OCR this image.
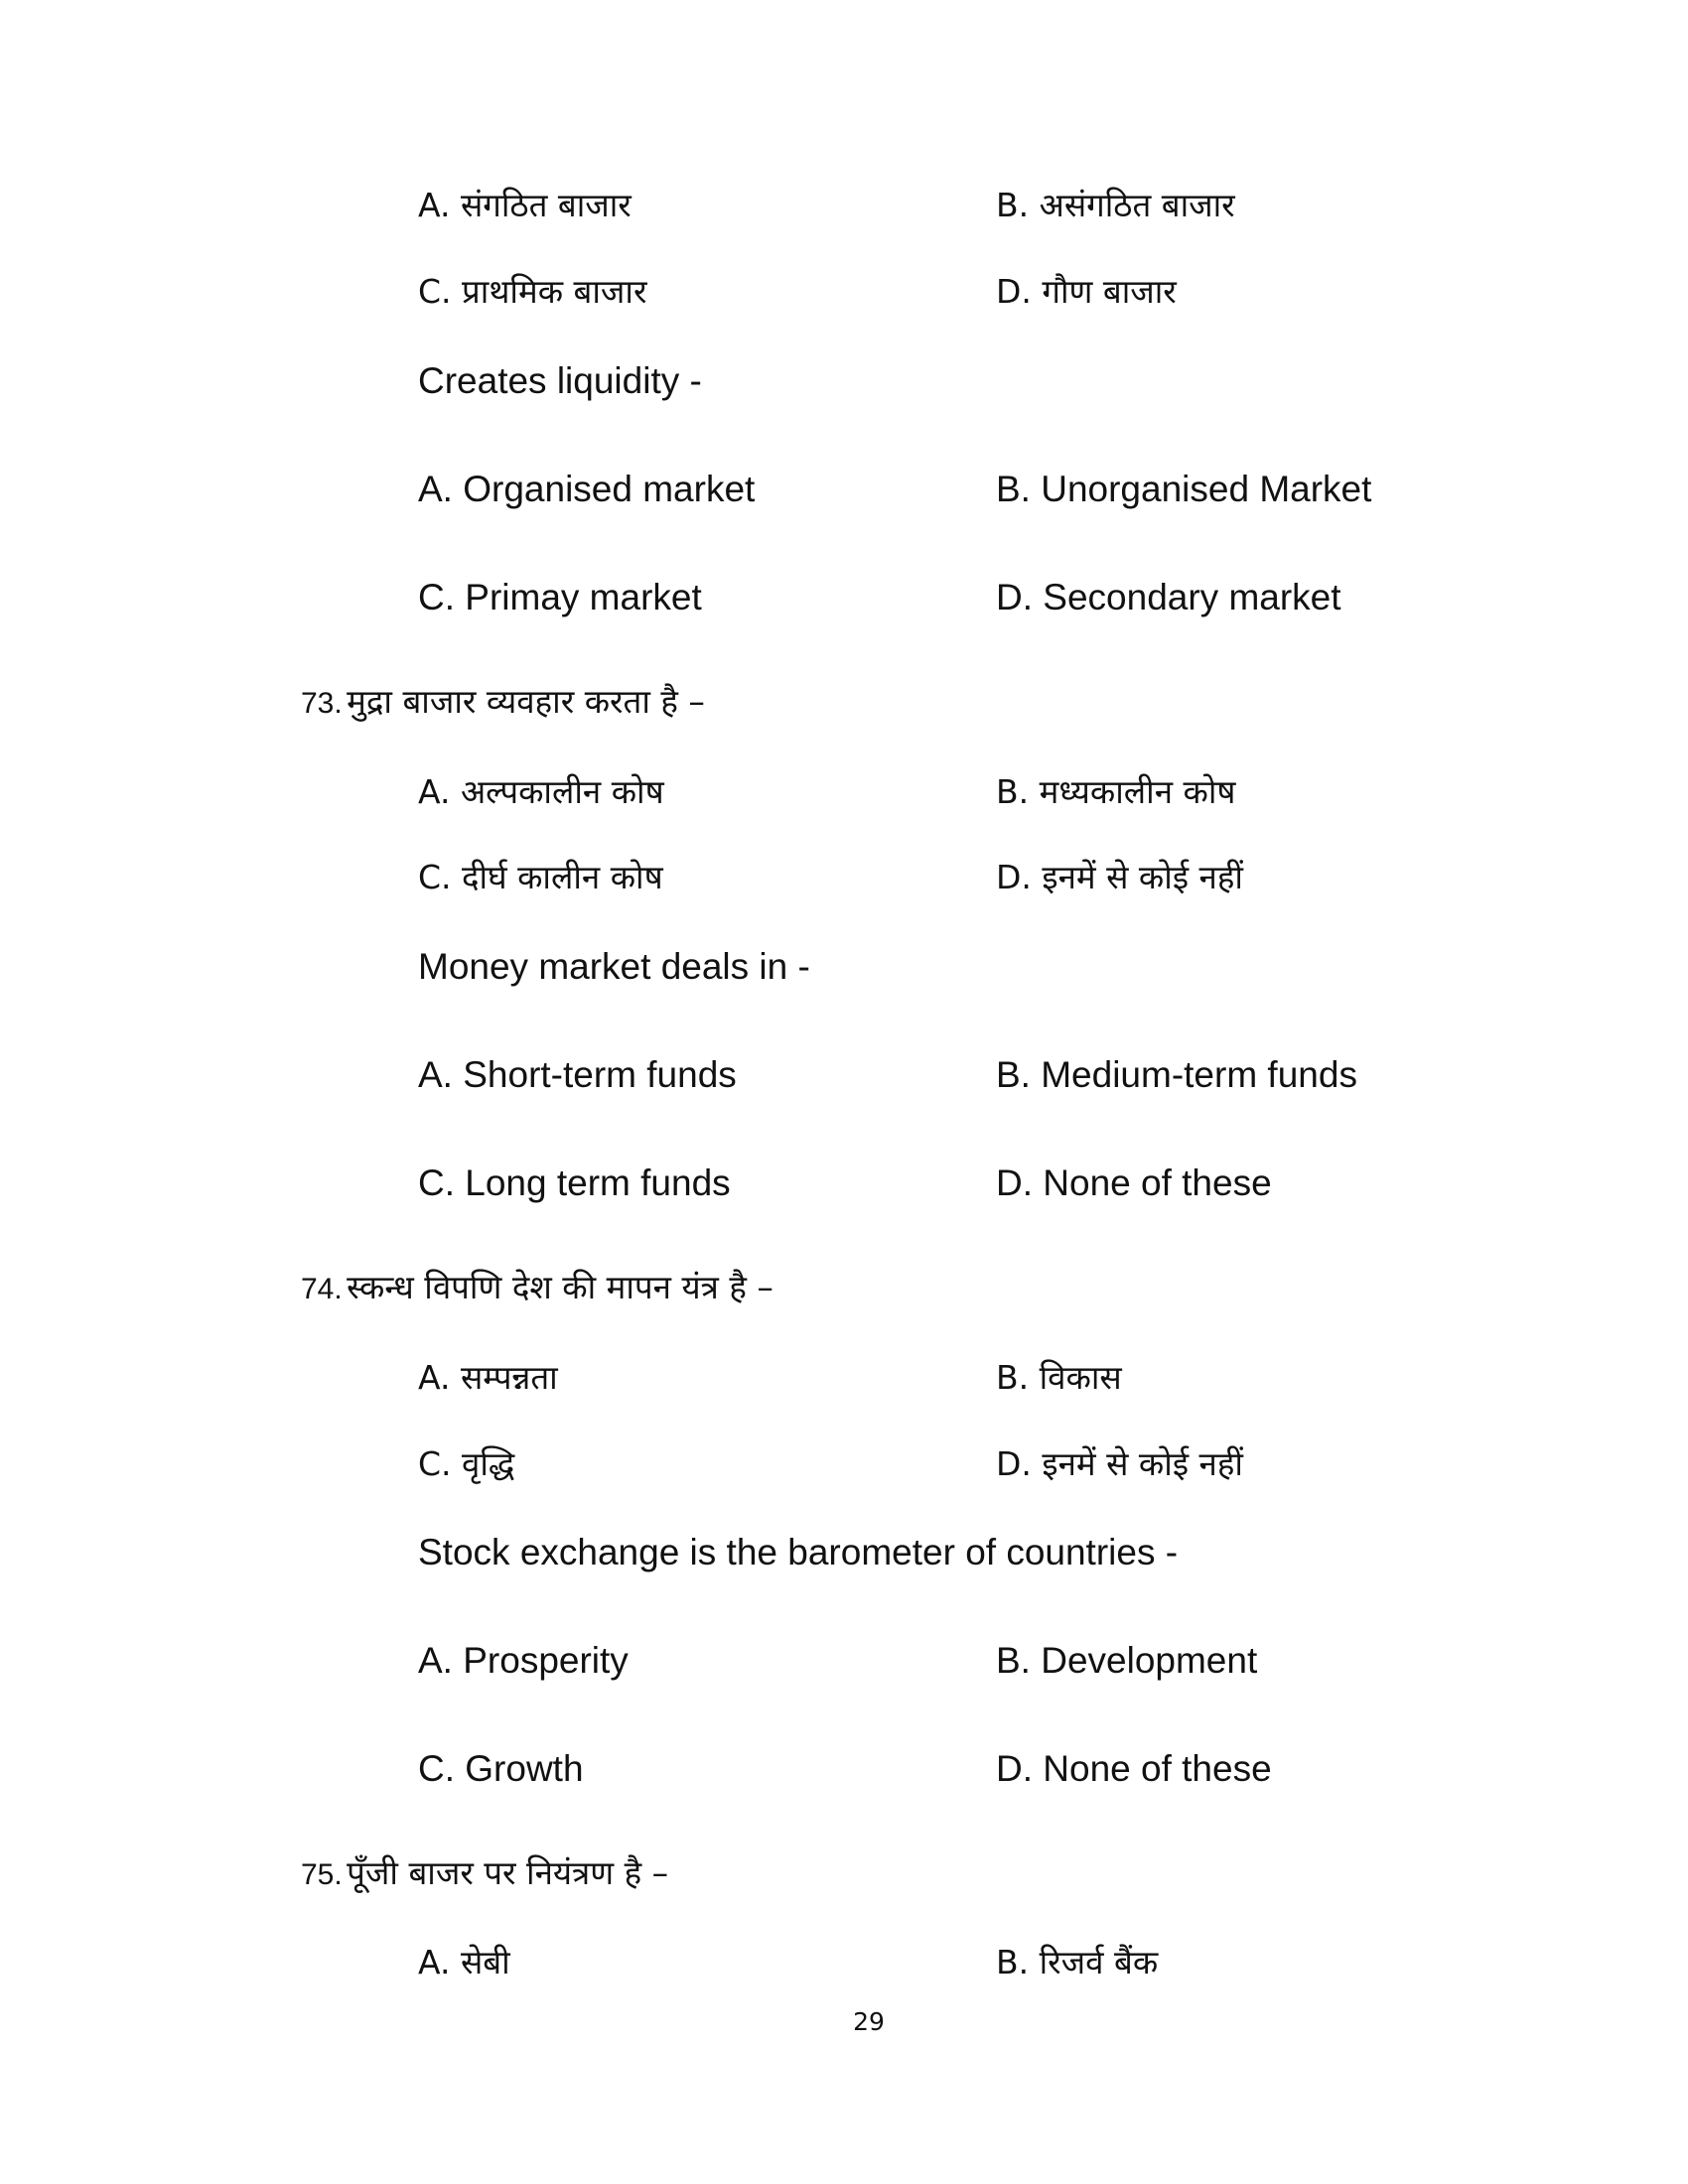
A. संगठित बाजार	B. असंगठित बाजार
C. प्राथमिक बाजार	D. गौण बाजार
Creates liquidity -
A. Organised market	B. Unorganised Market
C. Primay market	D. Secondary market
73. मुद्रा बाजार व्यवहार करता है –
A. अल्पकालीन कोष	B. मध्यकालीन कोष
C. दीर्घ कालीन कोष	D. इनमें से कोई नहीं
Money market deals in -
A. Short-term funds	B. Medium-term funds
C. Long term funds	D. None of these
74. स्कन्ध विपणि देश की मापन यंत्र है –
A. सम्पन्नता	B. विकास
C. वृद्धि	D. इनमें से कोई नहीं
Stock exchange is the barometer of countries -
A. Prosperity	B. Development
C. Growth	D. None of these
75. पूँजी बाजर पर नियंत्रण है –
A. सेबी	B. रिजर्व बैंक
29
